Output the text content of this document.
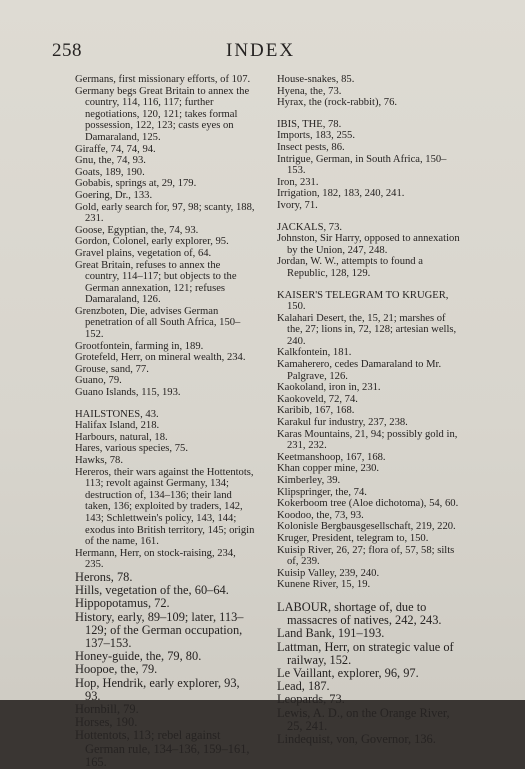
258	INDEX

Germans, first missionary efforts, of 107.

Germany begs Great Britain to annex the country, 114, 116, 117; further negotiations, 120, 121; takes formal possession, 122, 123; casts eyes on Damaraland, 125.

Giraffe, 74, 74, 94.

Gnu, the, 74, 93.

Goats, 189, 190.

Gobabis, springs at, 29, 179.

Goering, Dr., 133.

Gold, early search for, 97, 98; scanty, 188, 231.

Goose, Egyptian, the, 74, 93.

Gordon, Colonel, early explorer, 95.

Gravel plains, vegetation of, 64.

Great Britain, refuses to annex the country, 114–117; but objects to the German annexation, 121; refuses Damaraland, 126.

Grenzboten, Die, advises German penetration of all South Africa, 150–152.

Grootfontein, farming in, 189.

Grotefeld, Herr, on mineral wealth, 234.

Grouse, sand, 77.

Guano, 79.

Guano Islands, 115, 193.

HAILSTONES, 43.

Halifax Island, 218.

Harbours, natural, 18.

Hares, various species, 75.

Hawks, 78.

Hereros, their wars against the Hottentots, 113; revolt against Germany, 134; destruction of, 134–136; their land taken, 136; exploited by traders, 142, 143; Schlettwein's policy, 143, 144; exodus into British territory, 145; origin of the name, 161.

Hermann, Herr, on stock-raising, 234, 235.

Herons, 78.

Hills, vegetation of the, 60–64.

Hippopotamus, 72.

History, early, 89–109; later, 113–129; of the German occupation, 137–153.

Honey-guide, the, 79, 80.

Hoopoe, the, 79.

Hop, Hendrik, early explorer, 93, 93.

Hornbill, 79.

Horses, 190.

Hottentots, 113; rebel against German rule, 134–136, 159–161, 165.

House-snakes, 85.

Hyena, the, 73.

Hyrax, the (rock-rabbit), 76.

IBIS, THE, 78.

Imports, 183, 255.

Insect pests, 86.

Intrigue, German, in South Africa, 150–153.

Iron, 231.

Irrigation, 182, 183, 240, 241.

Ivory, 71.

JACKALS, 73.

Johnston, Sir Harry, opposed to annexation by the Union, 247, 248.

Jordan, W. W., attempts to found a Republic, 128, 129.

KAISER'S TELEGRAM TO KRUGER, 150.

Kalahari Desert, the, 15, 21; marshes of the, 27; lions in, 72, 128; artesian wells, 240.

Kalkfontein, 181.

Kamaherero, cedes Damaraland to Mr. Palgrave, 126.

Kaokoland, iron in, 231.

Kaokoveld, 72, 74.

Karibib, 167, 168.

Karakul fur industry, 237, 238.

Karas Mountains, 21, 94; possibly gold in, 231, 232.

Keetmanshoop, 167, 168.

Khan copper mine, 230.

Kimberley, 39.

Klipspringer, the, 74.

Kokerboom tree (Aloe dichotoma), 54, 60.

Koodoo, the, 73, 93.

Kolonisle Bergbausgesellschaft, 219, 220.

Kruger, President, telegram to, 150.

Kuisip River, 26, 27; flora of, 57, 58; silts of, 239.

Kuisip Valley, 239, 240.

Kunene River, 15, 19.

LABOUR, shortage of, due to massacres of natives, 242, 243.

Land Bank, 191–193.

Lattman, Herr, on strategic value of railway, 152.

Le Vaillant, explorer, 96, 97.

Lead, 187.

Leopards, 73.

Lewis, A. D., on the Orange River, 25, 241.

Lindequist, von, Governor, 136.
